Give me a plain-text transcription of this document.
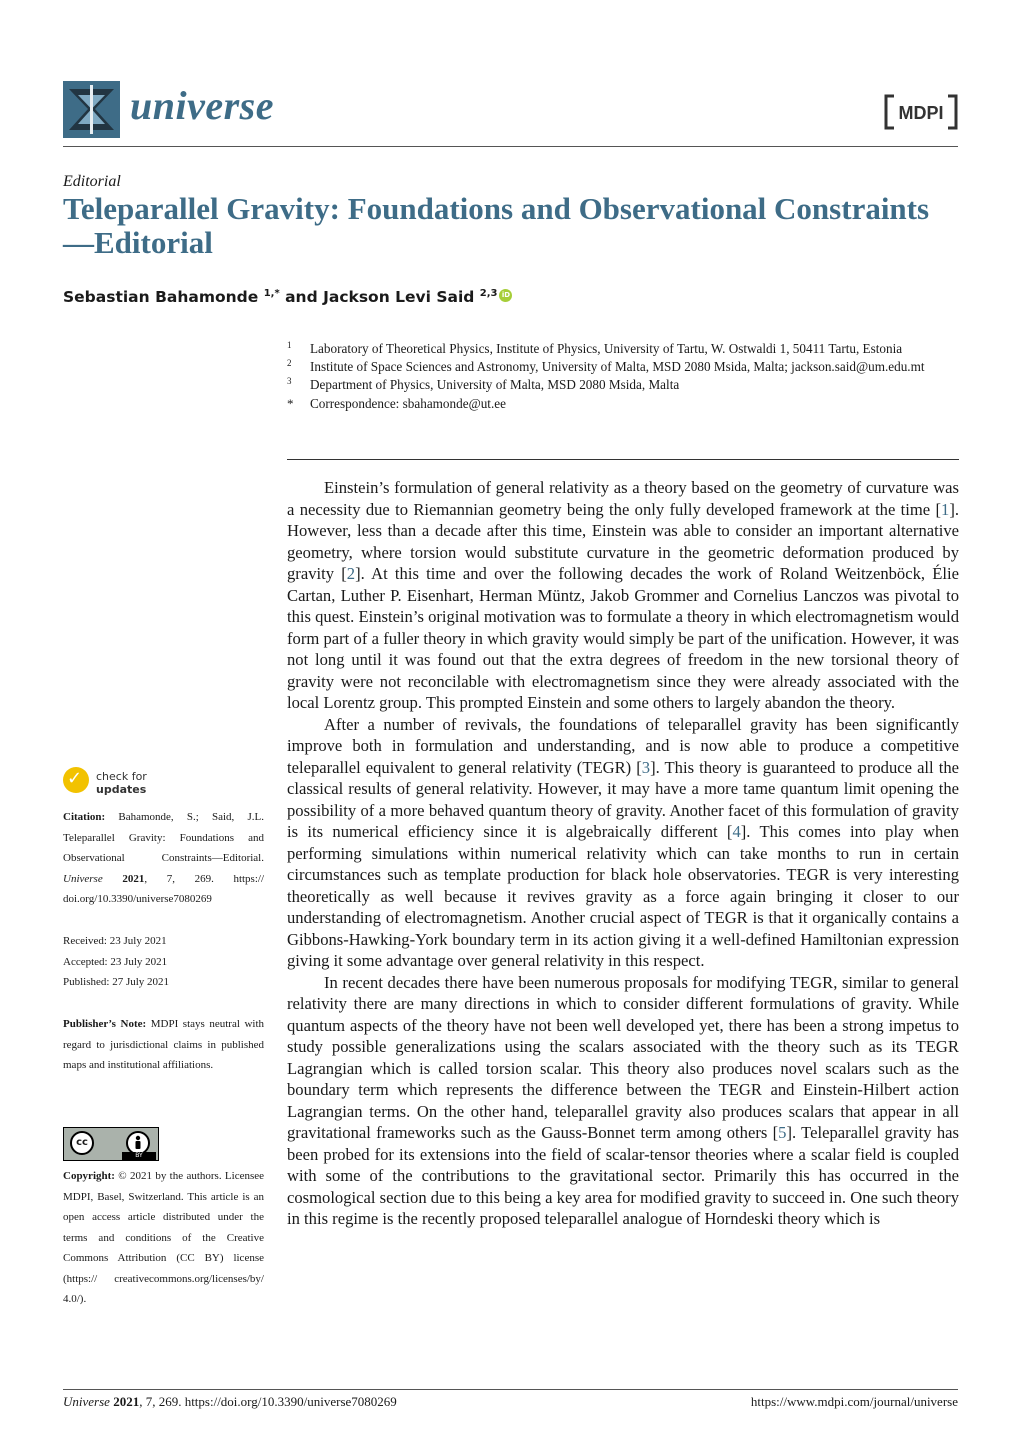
universe	MDPI
Editorial
Teleparallel Gravity: Foundations and Observational Constraints—Editorial
Sebastian Bahamonde $^{1,*}$ and Jackson Levi Said $^{2,3}$ iD
1 Laboratory of Theoretical Physics, Institute of Physics, University of Tartu, W. Ostwaldi 1, 50411 Tartu, Estonia
2 Institute of Space Sciences and Astronomy, University of Malta, MSD 2080 Msida, Malta; jackson.said@um.edu.mt
3 Department of Physics, University of Malta, MSD 2080 Msida, Malta
* Correspondence: sbahamonde@ut.ee

Einstein’s formulation of general relativity as a theory based on the geometry of curvature was a necessity due to Riemannian geometry being the only fully developed framework at the time [1]. However, less than a decade after this time, Einstein was able to consider an important alternative geometry, where torsion would substitute curvature in the geometric deformation produced by gravity [2]. At this time and over the following decades the work of Roland Weitzenböck, Élie Cartan, Luther P. Eisenhart, Herman Müntz, Jakob Grommer and Cornelius Lanczos was pivotal to this quest. Einstein’s original motivation was to formulate a theory in which electromagnetism would form part of a fuller theory in which gravity would simply be part of the unification. However, it was not long until it was found out that the extra degrees of freedom in the new torsional theory of gravity were not reconcilable with electromagnetism since they were already associated with the local Lorentz group. This prompted Einstein and some others to largely abandon the theory.

After a number of revivals, the foundations of teleparallel gravity has been significantly improve both in formulation and understanding, and is now able to produce a competitive teleparallel equivalent to general relativity (TEGR) [3]. This theory is guaranteed to produce all the classical results of general relativity. However, it may have a more tame quantum limit opening the possibility of a more behaved quantum theory of gravity. Another facet of this formulation of gravity is its numerical efficiency since it is algebraically different [4]. This comes into play when performing simulations within numerical relativity which can take months to run in certain circumstances such as template production for black hole observatories. TEGR is very interesting theoretically as well because it revives gravity as a force again bringing it closer to our understanding of electromagnetism. Another crucial aspect of TEGR is that it organically contains a Gibbons-Hawking-York boundary term in its action giving it a well-defined Hamiltonian expression giving it some advantage over general relativity in this respect.

In recent decades there have been numerous proposals for modifying TEGR, similar to general relativity there are many directions in which to consider different formulations of gravity. While quantum aspects of the theory have not been well developed yet, there has been a strong impetus to study possible generalizations using the scalars associated with the theory such as its TEGR Lagrangian which is called torsion scalar. This theory also produces novel scalars such as the boundary term which represents the difference between the TEGR and Einstein-Hilbert action Lagrangian terms. On the other hand, teleparallel gravity also produces scalars that appear in all gravitational frameworks such as the Gauss-Bonnet term among others [5]. Teleparallel gravity has been probed for its extensions into the field of scalar-tensor theories where a scalar field is coupled with some of the contributions to the gravitational sector. Primarily this has occurred in the cosmological section due to this being a key area for modified gravity to succeed in. One such theory in this regime is the recently proposed teleparallel analogue of Horndeski theory which is

✓ check for
updates
Citation: Bahamonde, S.; Said, J.L. Teleparallel Gravity: Foundations and Observational Constraints—Editorial. Universe 2021, 7, 269. https:// doi.org/10.3390/universe7080269
Received: 23 July 2021
Accepted: 23 July 2021
Published: 27 July 2021
Publisher’s Note: MDPI stays neutral with regard to jurisdictional claims in published maps and institutional affiliations.
cc
BY
Copyright: © 2021 by the authors. Licensee MDPI, Basel, Switzerland. This article is an open access article distributed under the terms and conditions of the Creative Commons Attribution (CC BY) license (https:// creativecommons.org/licenses/by/ 4.0/).
Universe 2021, 7, 269. https://doi.org/10.3390/universe7080269	https://www.mdpi.com/journal/universe
